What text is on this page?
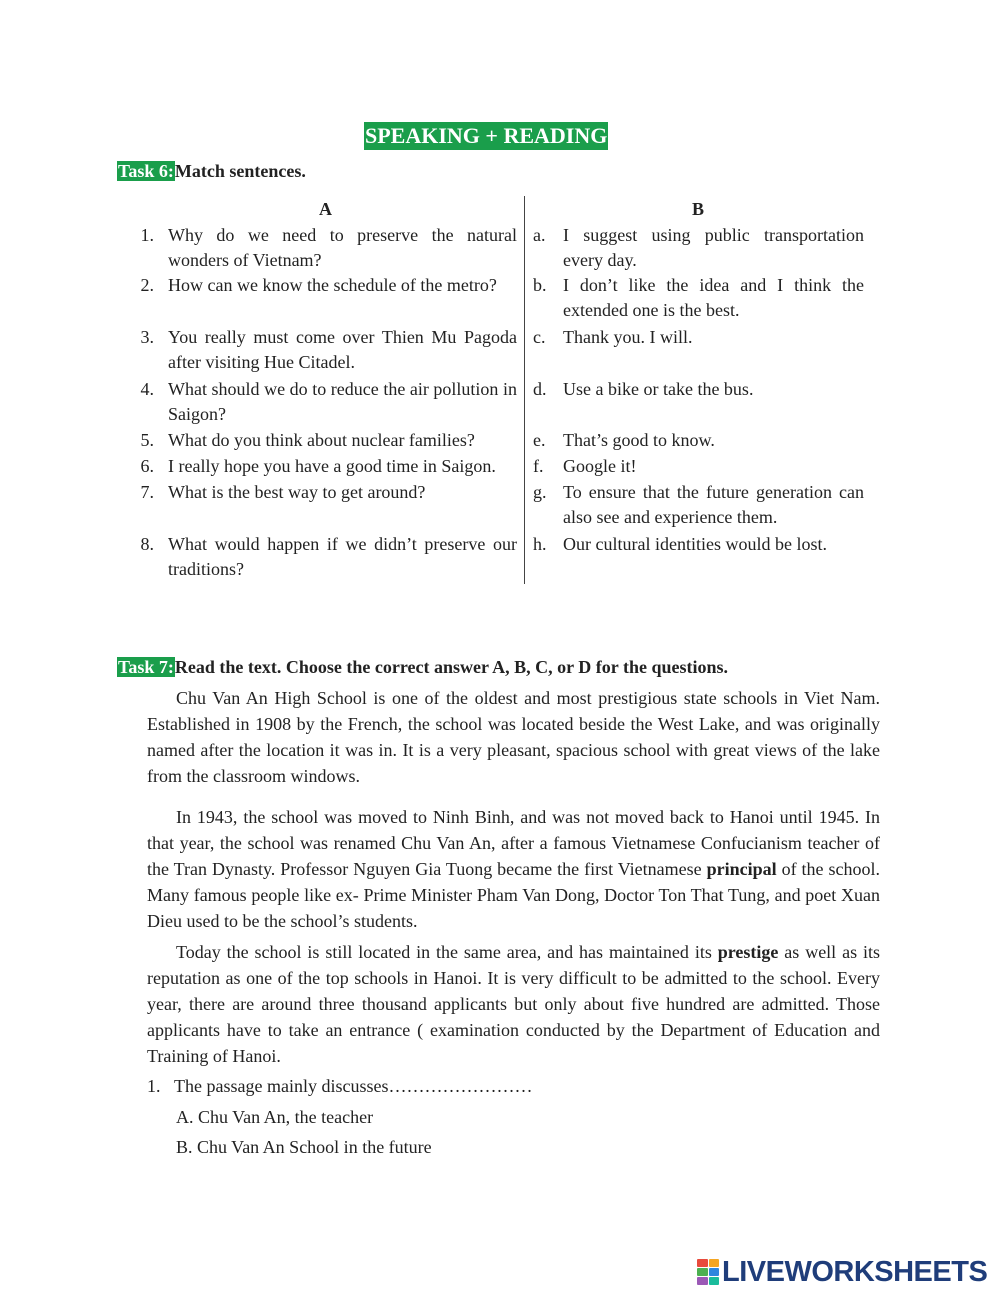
SPEAKING + READING
Task 6:Match sentences.
A	B
1. Why do we need to preserve the natural wonders of Vietnam?
2. How can we know the schedule of the metro?
3. You really must come over Thien Mu Pagoda after visiting Hue Citadel.
4. What should we do to reduce the air pollution in Saigon?
5. What do you think about nuclear families?
6. I really hope you have a good time in Saigon.
7. What is the best way to get around?
8. What would happen if we didn’t preserve our traditions?
a. I suggest using public transportation every day.
b. I don’t like the idea and I think the extended one is the best.
c. Thank you. I will.
d. Use a bike or take the bus.
e. That’s good to know.
f.	Google it!
g. To ensure that the future generation can also see and experience them.
h. Our cultural identities would be lost.
Task 7:Read the text. Choose the correct answer A, B, C, or D for the questions.

Chu Van An High School is one of the oldest and most prestigious state schools in Viet Nam. Established in 1908 by the French, the school was located beside the West Lake, and was originally named after the location it was in. It is a very pleasant, spacious school with great views of the lake from the classroom windows.

In 1943, the school was moved to Ninh Binh, and was not moved back to Hanoi until 1945. In that year, the school was renamed Chu Van An, after a famous Vietnamese Confucianism teacher of the Tran Dynasty. Professor Nguyen Gia Tuong became the first Vietnamese principal of the school. Many famous people like ex- Prime Minister Pham Van Dong, Doctor Ton That Tung, and poet Xuan Dieu used to be the school’s students.

Today the school is still located in the same area, and has maintained its prestige as well as its reputation as one of the top schools in Hanoi. It is very difficult to be admitted to the school. Every year, there are around three thousand applicants but only about five hundred are admitted. Those applicants have to take an entrance ( examination conducted by the Department of Education and Training of Hanoi.

1.   The passage mainly discusses……………………
A. Chu Van An, the teacher
B. Chu Van An School in the future
LIVEWORKSHEETS
